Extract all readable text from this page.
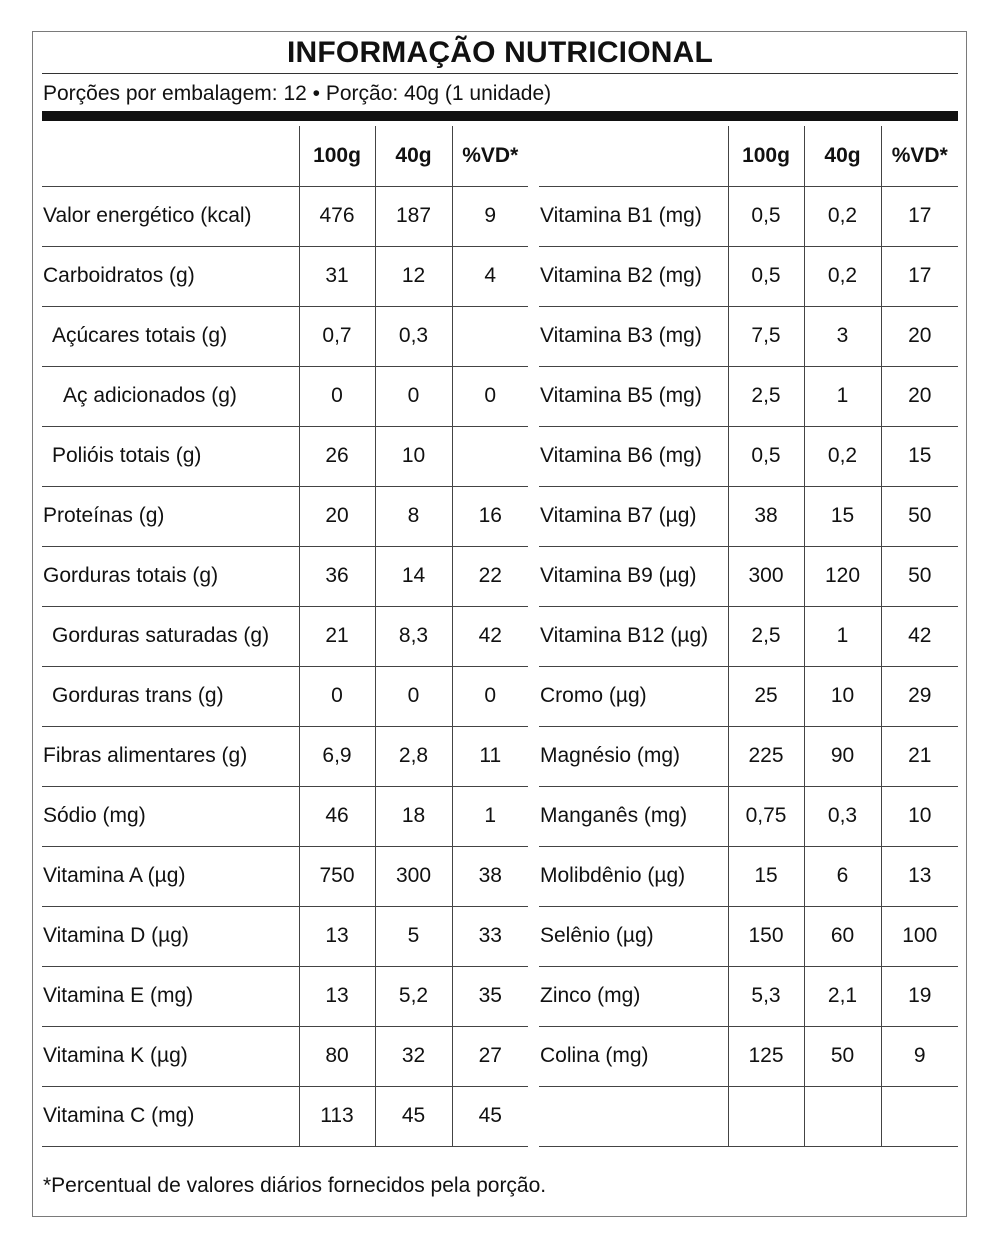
INFORMAÇÃO NUTRICIONAL
Porções por embalagem: 12 • Porção: 40g (1 unidade)
	100g	40g	%VD*
Valor energético (kcal)	476	187	9
Carboidratos (g)	31	12	4
Açúcares totais (g)	0,7	0,3	
Aç adicionados (g)	0	0	0
Polióis totais (g)	26	10	
Proteínas (g)	20	8	16
Gorduras totais (g)	36	14	22
Gorduras saturadas (g)	21	8,3	42
Gorduras trans (g)	0	0	0
Fibras alimentares (g)	6,9	2,8	11
Sódio (mg)	46	18	1
Vitamina A (µg)	750	300	38
Vitamina D (µg)	13	5	33
Vitamina E (mg)	13	5,2	35
Vitamina K (µg)	80	32	27
Vitamina C (mg)	113	45	45
	100g	40g	%VD*
Vitamina B1 (mg)	0,5	0,2	17
Vitamina B2 (mg)	0,5	0,2	17
Vitamina B3 (mg)	7,5	3	20
Vitamina B5 (mg)	2,5	1	20
Vitamina B6 (mg)	0,5	0,2	15
Vitamina B7 (µg)	38	15	50
Vitamina B9 (µg)	300	120	50
Vitamina B12 (µg)	2,5	1	42
Cromo (µg)	25	10	29
Magnésio (mg)	225	90	21
Manganês (mg)	0,75	0,3	10
Molibdênio (µg)	15	6	13
Selênio (µg)	150	60	100
Zinco (mg)	5,3	2,1	19
Colina (mg)	125	50	9

*Percentual de valores diários fornecidos pela porção.
